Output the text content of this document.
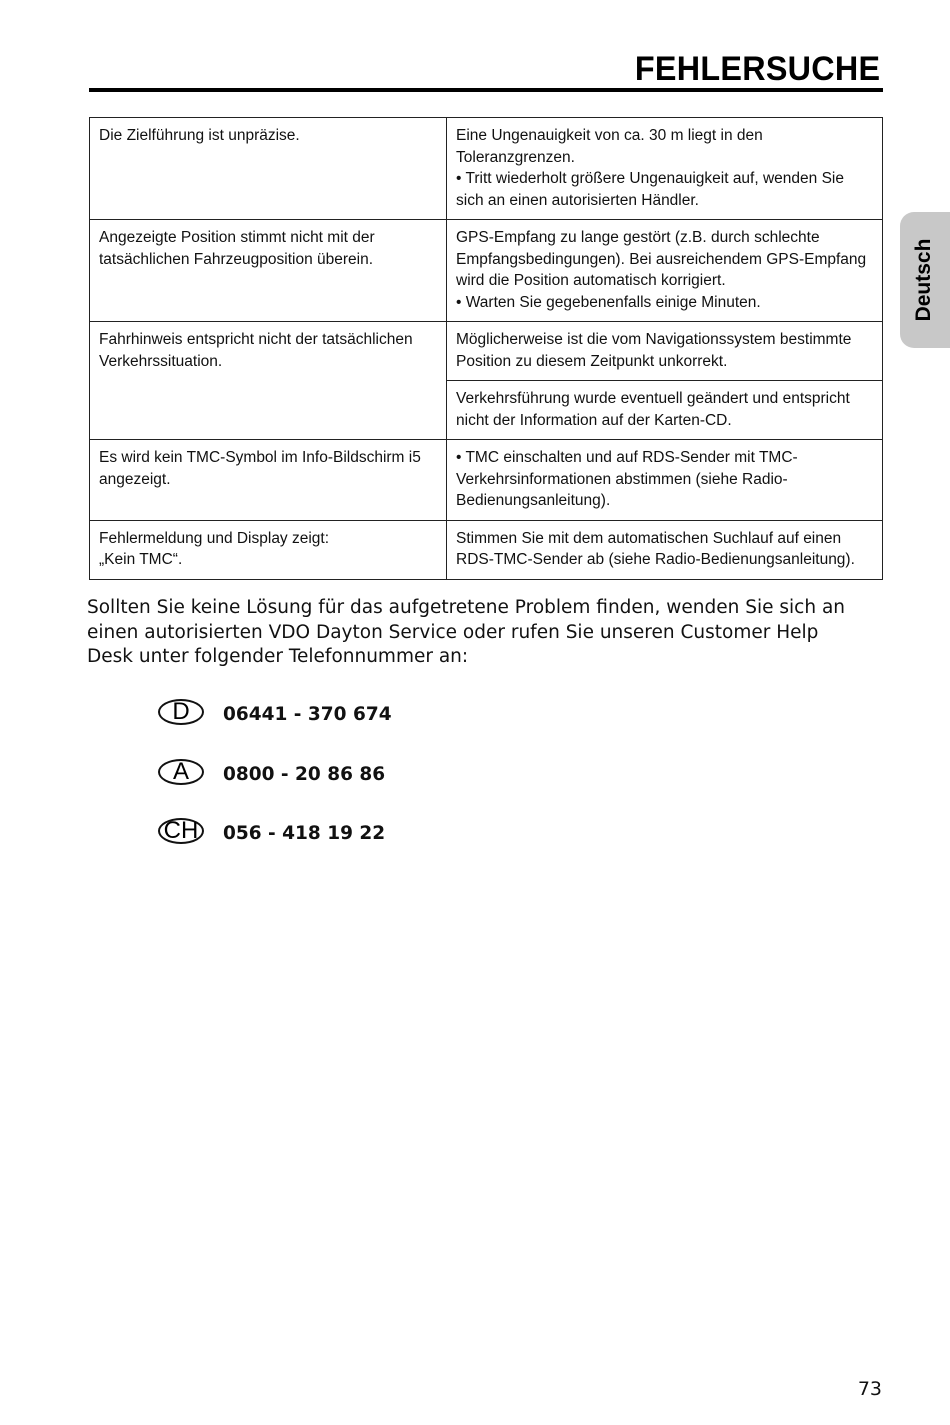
FEHLERSUCHE
Deutsch
Die Zielführung ist unpräzise.	Eine Ungenauigkeit von ca. 30 m liegt in den
Toleranzgrenzen.
• Tritt wiederholt größere Ungenauigkeit auf, wenden Sie
sich an einen autorisierten Händler.

Angezeigte Position stimmt nicht mit der
tatsächlichen Fahrzeugposition überein.	GPS-Empfang zu lange gestört (z.B. durch schlechte
Empfangsbedingungen). Bei ausreichendem GPS-Empfang
wird die Position automatisch korrigiert.
• Warten Sie gegebenenfalls einige Minuten.

Fahrhinweis entspricht nicht der tatsächlichen
Verkehrssituation.	Möglicherweise ist die vom Navigationssystem bestimmte
Position zu diesem Zeitpunkt unkorrekt.

	Verkehrsführung wurde eventuell geändert und entspricht
nicht der Information auf der Karten-CD.

Es wird kein TMC-Symbol im Info-Bildschirm i5
angezeigt.	• TMC einschalten und auf RDS-Sender mit TMC-
Verkehrsinformationen abstimmen (siehe Radio-
Bedienungsanleitung).

Fehlermeldung und Display zeigt:
„Kein TMC“.	Stimmen Sie mit dem automatischen Suchlauf auf einen
RDS-TMC-Sender ab (siehe Radio-Bedienungsanleitung).
Sollten Sie keine Lösung für das aufgetretene Problem finden, wenden Sie sich an
einen autorisierten VDO Dayton Service oder rufen Sie unseren Customer Help
Desk unter folgender Telefonnummer an:
D	06441 - 370 674
A	0800 - 20 86 86
CH	056 - 418 19 22
73
